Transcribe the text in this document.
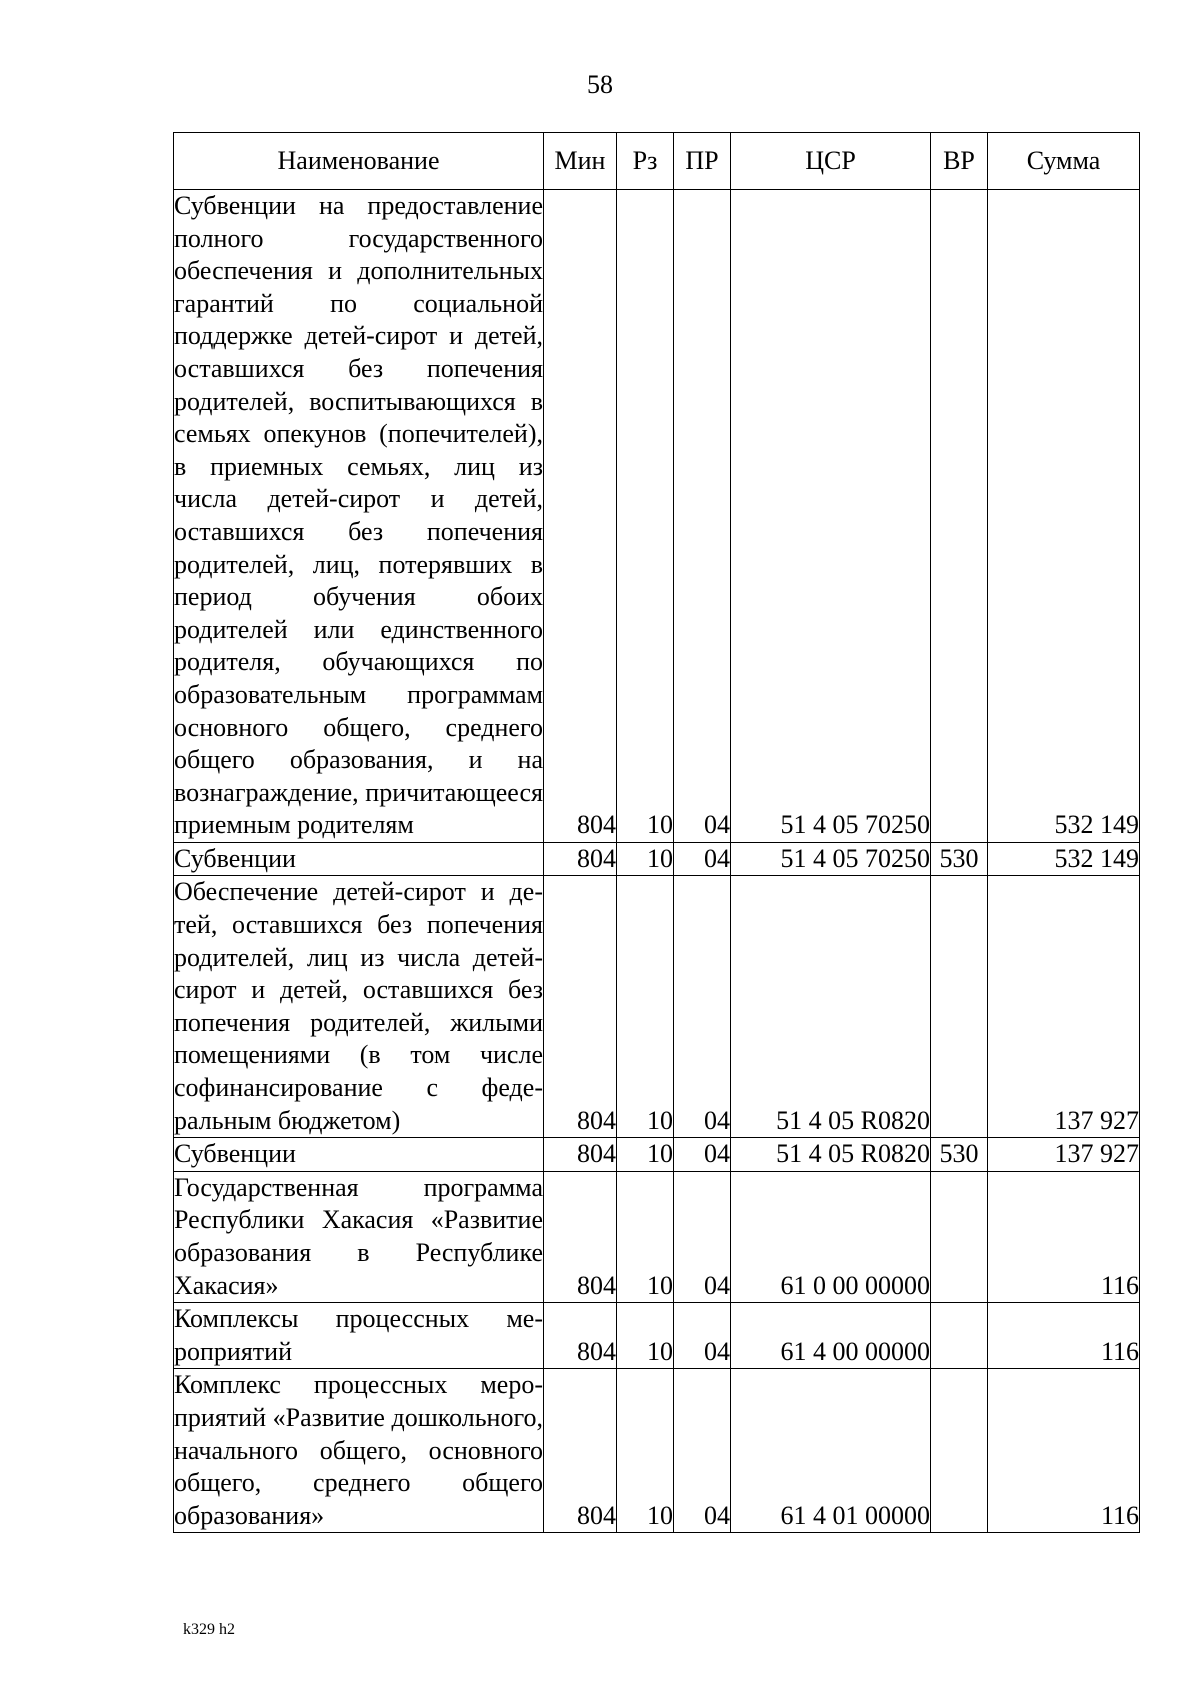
58
Наименование	Мин	Рз	ПР	ЦСР	ВР	Сумма
Субвенции на предоставление полного государственного обеспечения и дополнительных гарантий по социальной поддержке детей-сирот и детей, оставшихся без попечения родителей, воспитывающихся в семьях опекунов (попечителей), в приемных семьях, лиц из числа детей-сирот и детей, оставшихся без попечения родителей, лиц, потерявших в период обучения обоих родителей или единственного родителя, обучающихся по образовательным программам основного общего, среднего общего образования, и на вознаграждение, причитающееся приемным родителям	804	10	04	51 4 05 70250		532 149
Субвенции	804	10	04	51 4 05 70250	530	532 149
Обеспечение детей-сирот и детей, оставшихся без попечения родителей, лиц из числа детей-сирот и детей, оставшихся без попечения родителей, жилыми помещениями (в том числе софинансирование с федеральным бюджетом)	804	10	04	51 4 05 R0820		137 927
Субвенции	804	10	04	51 4 05 R0820	530	137 927
Государственная программа Республики Хакасия «Развитие образования в Республике Хакасия»	804	10	04	61 0 00 00000		116
Комплексы процессных мероприятий	804	10	04	61 4 00 00000		116
Комплекс процессных мероприятий «Развитие дошкольного, начального общего, основного общего, среднего общего образования»	804	10	04	61 4 01 00000		116
k329 h2
